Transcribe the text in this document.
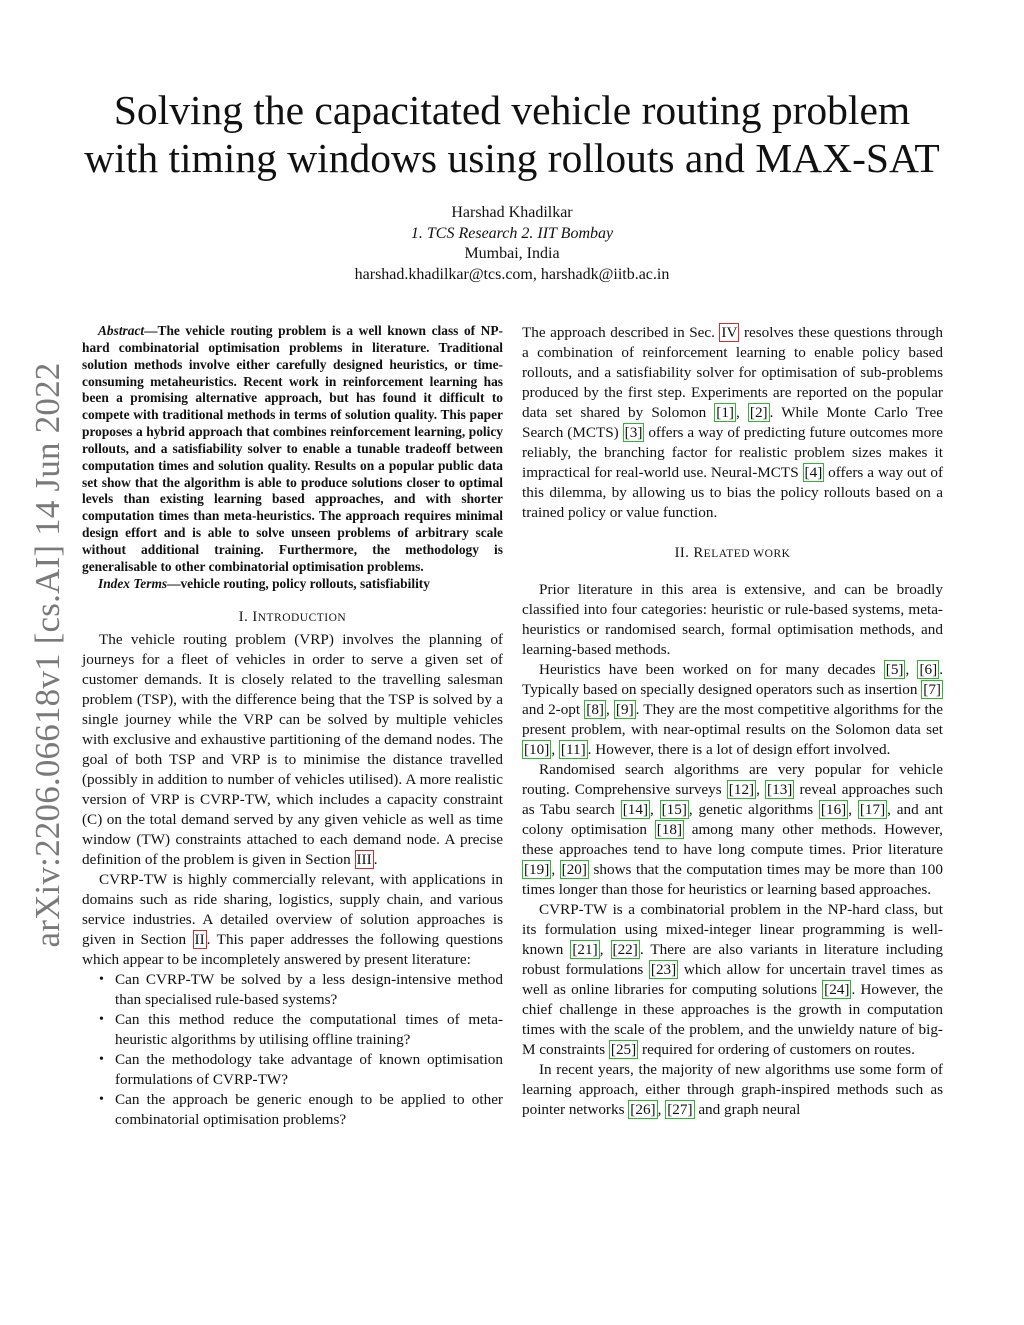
arXiv:2206.06618v1 [cs.AI] 14 Jun 2022
Solving the capacitated vehicle routing problem
with timing windows using rollouts and MAX-SAT
Harshad Khadilkar
1. TCS Research 2. IIT Bombay
Mumbai, India
harshad.khadilkar@tcs.com, harshadk@iitb.ac.in

Abstract—The vehicle routing problem is a well known class of NP-hard combinatorial optimisation problems in literature. Traditional solution methods involve either carefully designed heuristics, or time-consuming metaheuristics. Recent work in reinforcement learning has been a promising alternative approach, but has found it difficult to compete with traditional methods in terms of solution quality. This paper proposes a hybrid approach that combines reinforcement learning, policy rollouts, and a satisfiability solver to enable a tunable tradeoff between computation times and solution quality. Results on a popular public data set show that the algorithm is able to produce solutions closer to optimal levels than existing learning based approaches, and with shorter computation times than meta-heuristics. The approach requires minimal design effort and is able to solve unseen problems of arbitrary scale without additional training. Furthermore, the methodology is generalisable to other combinatorial optimisation problems.

Index Terms—vehicle routing, policy rollouts, satisfiability

I. INTRODUCTION

The vehicle routing problem (VRP) involves the planning of journeys for a fleet of vehicles in order to serve a given set of customer demands. It is closely related to the travelling salesman problem (TSP), with the difference being that the TSP is solved by a single journey while the VRP can be solved by multiple vehicles with exclusive and exhaustive partitioning of the demand nodes. The goal of both TSP and VRP is to minimise the distance travelled (possibly in addition to number of vehicles utilised). A more realistic version of VRP is CVRP-TW, which includes a capacity constraint (C) on the total demand served by any given vehicle as well as time window (TW) constraints attached to each demand node. A precise definition of the problem is given in Section III .

CVRP-TW is highly commercially relevant, with applications in domains such as ride sharing, logistics, supply chain, and various service industries. A detailed overview of solution approaches is given in Section II . This paper addresses the following questions which appear to be incompletely answered by present literature:

• Can CVRP-TW be solved by a less design-intensive method than specialised rule-based systems?
• Can this method reduce the computational times of meta-heuristic algorithms by utilising offline training?
• Can the methodology take advantage of known optimisation formulations of CVRP-TW?
• Can the approach be generic enough to be applied to other combinatorial optimisation problems?

The approach described in Sec. IV resolves these questions through a combination of reinforcement learning to enable policy based rollouts, and a satisfiability solver for optimisation of sub-problems produced by the first step. Experiments are reported on the popular data set shared by Solomon [1] , [2] . While Monte Carlo Tree Search (MCTS) [3] offers a way of predicting future outcomes more reliably, the branching factor for realistic problem sizes makes it impractical for real-world use. Neural-MCTS [4] offers a way out of this dilemma, by allowing us to bias the policy rollouts based on a trained policy or value function.

II. RELATED WORK

Prior literature in this area is extensive, and can be broadly classified into four categories: heuristic or rule-based systems, meta-heuristics or randomised search, formal optimisation methods, and learning-based methods.

Heuristics have been worked on for many decades [5] , [6] . Typically based on specially designed operators such as insertion [7] and 2-opt [8] , [9] . They are the most competitive algorithms for the present problem, with near-optimal results on the Solomon data set [10] , [11] . However, there is a lot of design effort involved.

Randomised search algorithms are very popular for vehicle routing. Comprehensive surveys [12] , [13] reveal approaches such as Tabu search [14] , [15] , genetic algorithms [16] , [17] , and ant colony optimisation [18] among many other methods. However, these approaches tend to have long compute times. Prior literature [19] , [20] shows that the computation times may be more than 100 times longer than those for heuristics or learning based approaches.

CVRP-TW is a combinatorial problem in the NP-hard class, but its formulation using mixed-integer linear programming is well-known [21] , [22] . There are also variants in literature including robust formulations [23] which allow for uncertain travel times as well as online libraries for computing solutions [24] . However, the chief challenge in these approaches is the growth in computation times with the scale of the problem, and the unwieldy nature of big-M constraints [25] required for ordering of customers on routes.

In recent years, the majority of new algorithms use some form of learning approach, either through graph-inspired methods such as pointer networks [26] , [27] and graph neural
